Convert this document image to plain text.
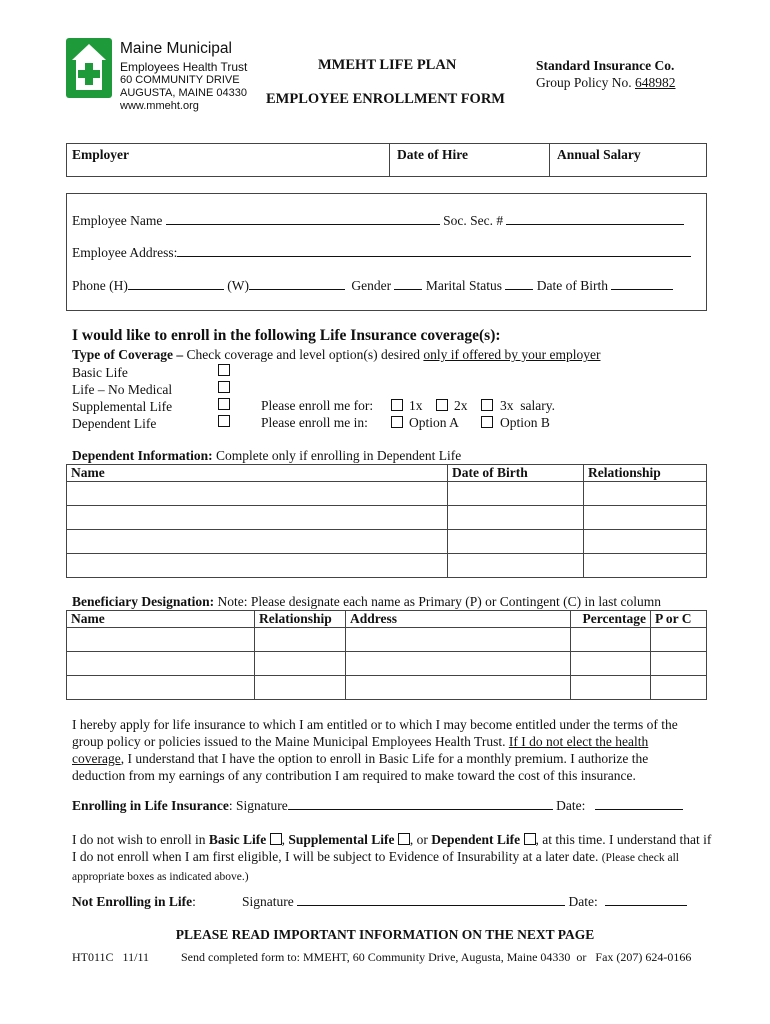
Maine Municipal
Employees Health Trust
60 COMMUNITY DRIVE
AUGUSTA, MAINE 04330
www.mmeht.org
MMEHT LIFE PLAN
EMPLOYEE ENROLLMENT FORM
Standard Insurance Co.
Group Policy No. 648982
Employer	Date of Hire	Annual Salary
Employee Name	Soc. Sec. #
Employee Address:
Phone (H)	(W)	Gender	Marital Status	Date of Birth
I would like to enroll in the following Life Insurance coverage(s):
Type of Coverage – Check coverage and level option(s) desired only if offered by your employer
Basic Life
Life – No Medical
Supplemental Life
Dependent Life
Please enroll me for:	1x 2x 3x  salary.
Please enroll me in:	Option A	Option B
Dependent Information: Complete only if enrolling in Dependent Life
Name	Date of Birth	Relationship

Beneficiary Designation: Note: Please designate each name as Primary (P) or Contingent (C) in last column
Name	Relationship	Address	Percentage	P or C

I hereby apply for life insurance to which I am entitled or to which I may become entitled under the terms of the group policy or policies issued to the Maine Municipal Employees Health Trust. If I do not elect the health coverage, I understand that I have the option to enroll in Basic Life for a monthly premium. I authorize the deduction from my earnings of any contribution I am required to make toward the cost of this insurance.
Enrolling in Life Insurance: Signature	Date:
I do not wish to enroll in Basic Life , Supplemental Life , or Dependent Life , at this time. I understand that if I do not enroll when I am first eligible, I will be subject to Evidence of Insurability at a later date. (Please check all appropriate boxes as indicated above.)
Not Enrolling in Life:	Signature	Date:
PLEASE READ IMPORTANT INFORMATION ON THE NEXT PAGE
HT011C   11/11	Send completed form to: MMEHT, 60 Community Drive, Augusta, Maine 04330  or   Fax (207) 624-0166
